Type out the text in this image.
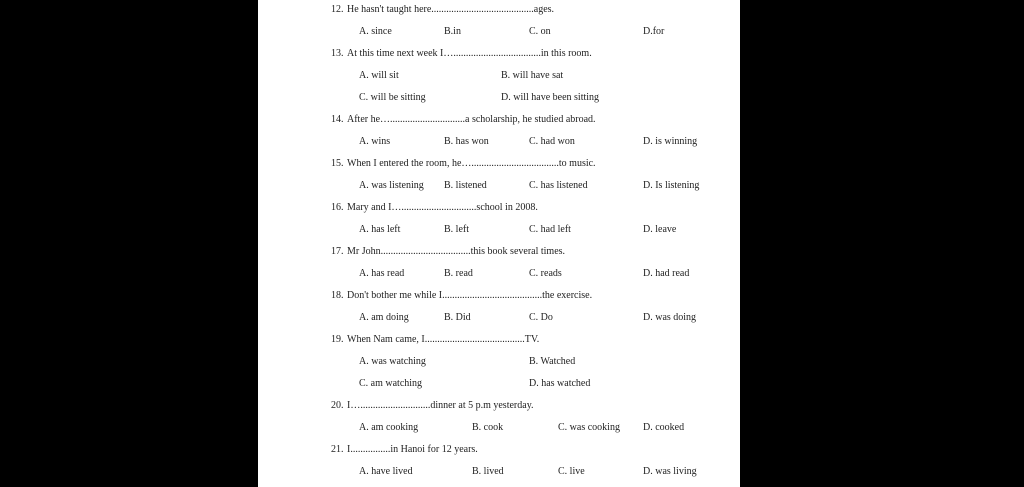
12. He hasn't taught here.........................................ages.
A. since	B.in	C. on	D.for
13. At this time next week I…...................................in this room.
A. will sit	B. will have sat
C. will be sitting	D. will have been sitting
14. After he…..............................a scholarship, he studied abroad.
A. wins	B. has won	C. had won	D. is winning
15. When I entered the room, he…...................................to music.
A. was listening B. listened	C. has listened	D. Is listening
16. Mary and I…..............................school in 2008.
A. has left	B. left	C. had left	D. leave
17. Mr John....................................this book several times.
A. has read	B. read	C. reads	D. had read
18. Don't bother me while I........................................the exercise.
A. am doing	B. Did	C. Do	D. was doing
19. When Nam came, I........................................TV.
A. was watching	B. Watched
C. am watching	D. has watched
20. I…............................dinner at 5 p.m yesterday.
A. am cooking	B. cook	C. was cooking D. cooked
21. I................in Hanoi for 12 years.
A. have lived	B. lived	C. live	D. was living
